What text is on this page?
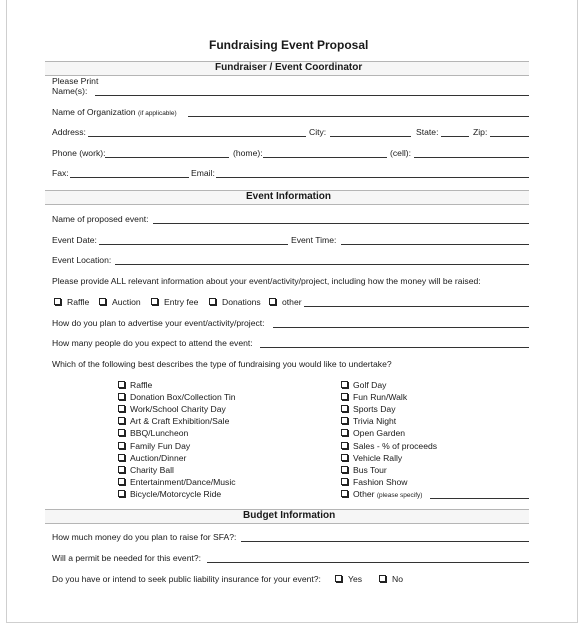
Fundraising Event Proposal
Fundraiser / Event Coordinator
Please Print
Name(s):
Name of Organization (if applicable)
Address:	City:	State:	Zip:
Phone (work):	(home):	(cell):
Fax:	Email:
Event Information
Name of proposed event:
Event Date:	Event Time:
Event Location:
Please provide ALL relevant information about your event/activity/project, including how the money will be raised:
Raffle	Auction	Entry fee	Donations other
How do you plan to advertise your event/activity/project:
How many people do you expect to attend the event:
Which of the following best describes the type of fundraising you would like to undertake?
Raffle
Donation Box/Collection Tin
Work/School Charity Day
Art & Craft Exhibition/Sale
BBQ/Luncheon
Family Fun Day
Auction/Dinner
Charity Ball
Entertainment/Dance/Music
Bicycle/Motorcycle Ride
Golf Day
Fun Run/Walk
Sports Day
Trivia Night
Open Garden
Sales - % of proceeds
Vehicle Rally
Bus Tour
Fashion Show
Other (please specify)
Budget Information
How much money do you plan to raise for SFA?:
Will a permit be needed for this event?:
Do you have or intend to seek public liability insurance for your event?:	Yes	No
